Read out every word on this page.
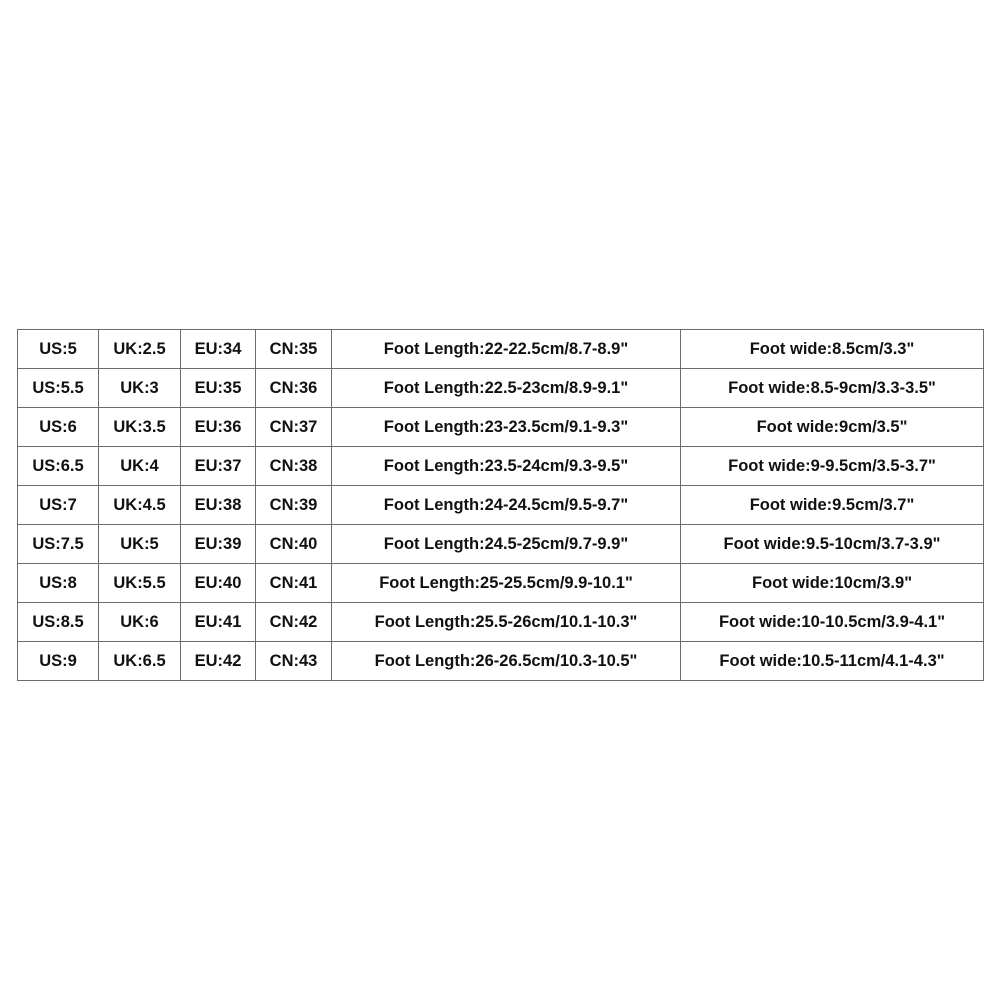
US:5	UK:2.5	EU:34	CN:35	Foot Length:22-22.5cm/8.7-8.9"	Foot wide:8.5cm/3.3"
US:5.5	UK:3	EU:35	CN:36	Foot Length:22.5-23cm/8.9-9.1"	Foot wide:8.5-9cm/3.3-3.5"
US:6	UK:3.5	EU:36	CN:37	Foot Length:23-23.5cm/9.1-9.3"	Foot wide:9cm/3.5"
US:6.5	UK:4	EU:37	CN:38	Foot Length:23.5-24cm/9.3-9.5"	Foot wide:9-9.5cm/3.5-3.7"
US:7	UK:4.5	EU:38	CN:39	Foot Length:24-24.5cm/9.5-9.7"	Foot wide:9.5cm/3.7"
US:7.5	UK:5	EU:39	CN:40	Foot Length:24.5-25cm/9.7-9.9"	Foot wide:9.5-10cm/3.7-3.9"
US:8	UK:5.5	EU:40	CN:41	Foot Length:25-25.5cm/9.9-10.1"	Foot wide:10cm/3.9"
US:8.5	UK:6	EU:41	CN:42	Foot Length:25.5-26cm/10.1-10.3"	Foot wide:10-10.5cm/3.9-4.1"
US:9	UK:6.5	EU:42	CN:43	Foot Length:26-26.5cm/10.3-10.5"	Foot wide:10.5-11cm/4.1-4.3"
